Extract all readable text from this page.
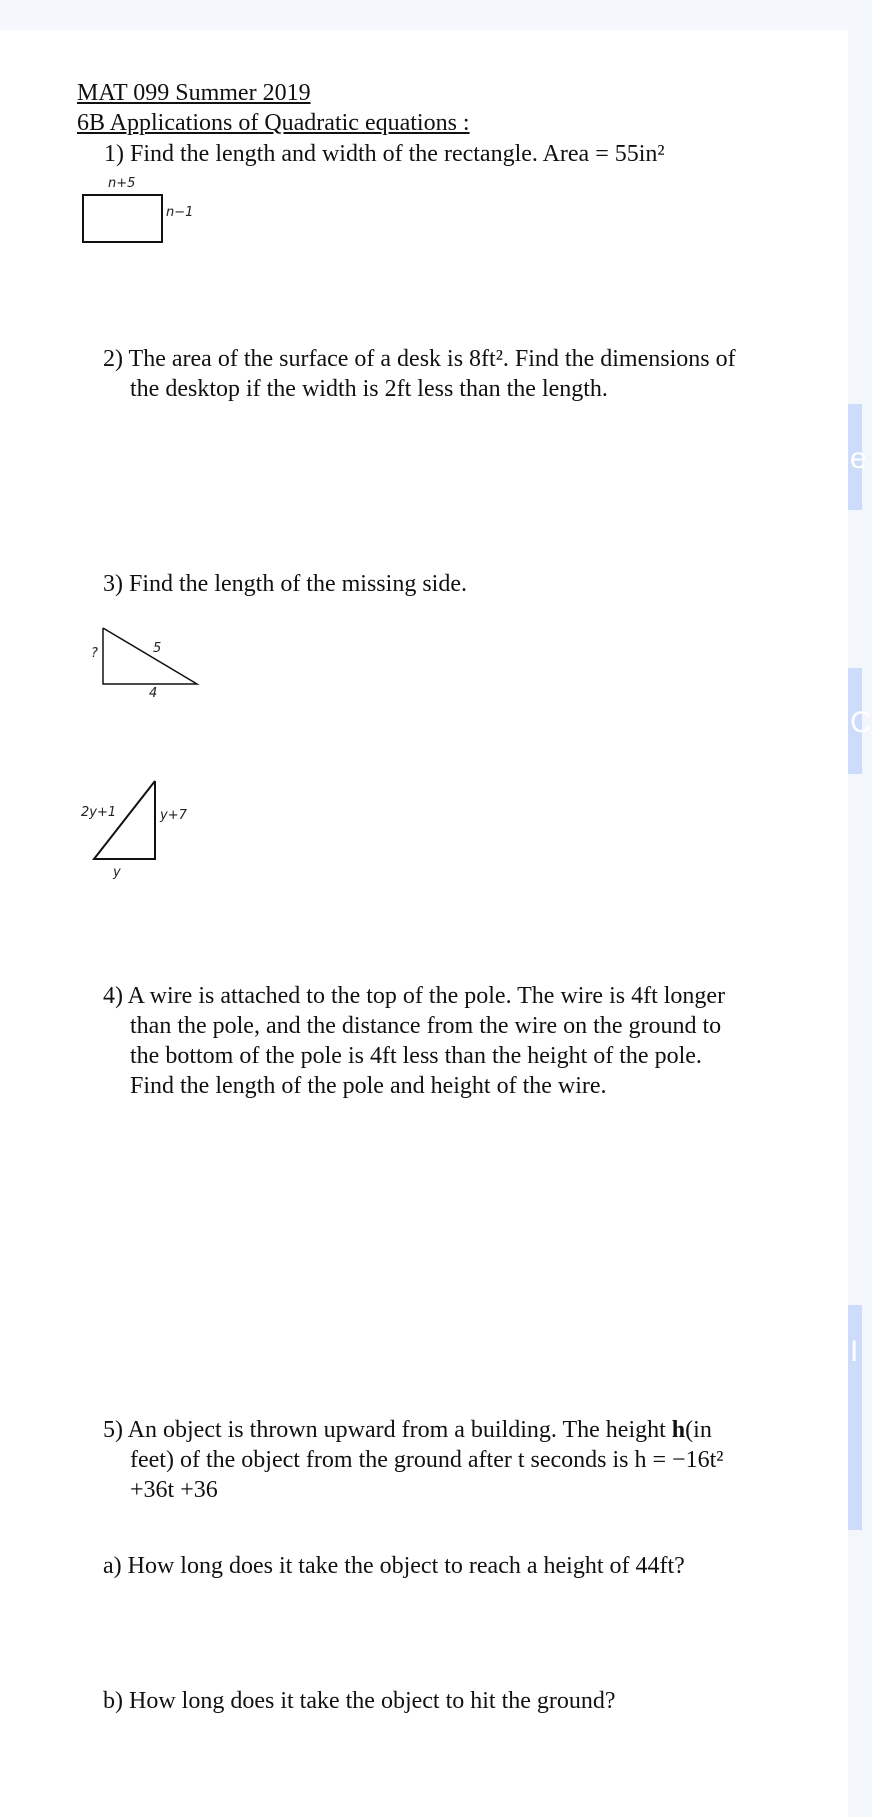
e
C
I
MAT 099 Summer 2019
6B Applications of Quadratic equations :
1) Find the length and width of the rectangle. Area = 55in²
n+5
n−1
2) The area of the surface of a desk is 8ft². Find the dimensions of the desktop if the width is 2ft less than the length.
3) Find the length of the missing side.
?	5
4
2y+1	y+7
y
4) A wire is attached to the top of the pole. The wire is 4ft longer than the pole, and the distance from the wire on the ground to the bottom of the pole is 4ft less than the height of the pole. Find the length of the pole and height of the wire.
5) An object is thrown upward from a building. The height h(in feet) of the object from the ground after t seconds is h = −16t² +36t +36
a) How long does it take the object to reach a height of 44ft?
b) How long does it take the object to hit the ground?
